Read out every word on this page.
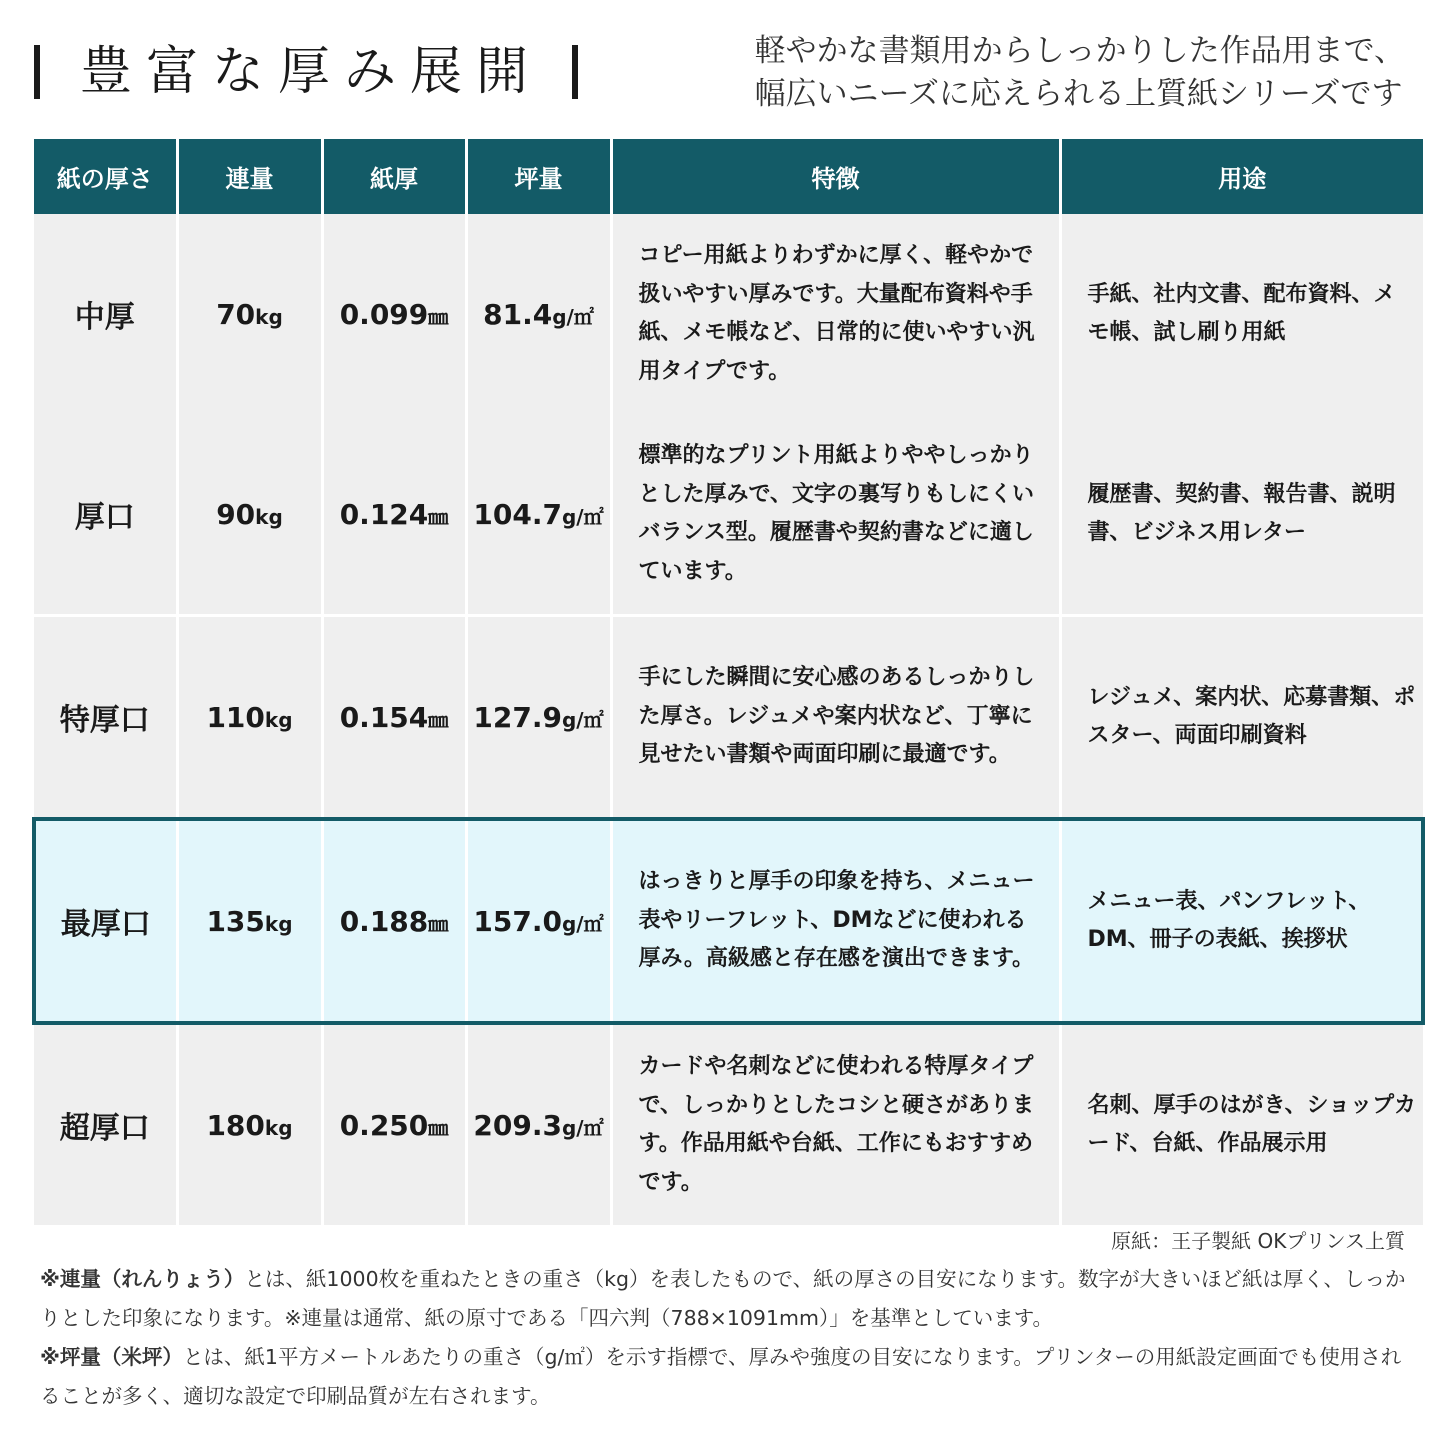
豊富な厚み展開	軽やかな書類用からしっかりした作品用まで、
幅広いニーズに応えられる上質紙シリーズです
紙の厚さ	連量	紙厚	坪量	特徴	用途
中厚	70kg	0.099㎜	81.4g/㎡	コピー用紙よりわずかに厚く、軽やかで扱いやすい厚みです。大量配布資料や手紙、メモ帳など、日常的に使いやすい汎用タイプです。	手紙、社内文書、配布資料、メモ帳、試し刷り用紙
厚口	90kg	0.124㎜	104.7g/㎡	標準的なプリント用紙よりややしっかりとした厚みで、文字の裏写りもしにくいバランス型。履歴書や契約書などに適しています。	履歴書、契約書、報告書、説明書、ビジネス用レター
特厚口	110kg	0.154㎜	127.9g/㎡	手にした瞬間に安心感のあるしっかりした厚さ。レジュメや案内状など、丁寧に見せたい書類や両面印刷に最適です。	レジュメ、案内状、応募書類、ポスター、両面印刷資料
最厚口	135kg	0.188㎜	157.0g/㎡	はっきりと厚手の印象を持ち、メニュー表やリーフレット、DMなどに使われる厚み。高級感と存在感を演出できます。	メニュー表、パンフレット、DM、冊子の表紙、挨拶状
超厚口	180kg	0.250㎜	209.3g/㎡	カードや名刺などに使われる特厚タイプで、しっかりとしたコシと硬さがあります。作品用紙や台紙、工作にもおすすめです。	名刺、厚手のはがき、ショップカード、台紙、作品展示用
原紙：王子製紙 OKプリンス上質

※連量（れんりょう）とは、紙1000枚を重ねたときの重さ（kg）を表したもので、紙の厚さの目安になります。数字が大きいほど紙は厚く、しっかりとした印象になります。※連量は通常、紙の原寸である「四六判（788×1091mm）」を基準としています。

※坪量（米坪）とは、紙1平方メートルあたりの重さ（g/㎡）を示す指標で、厚みや強度の目安になります。プリンターの用紙設定画面でも使用されることが多く、適切な設定で印刷品質が左右されます。
